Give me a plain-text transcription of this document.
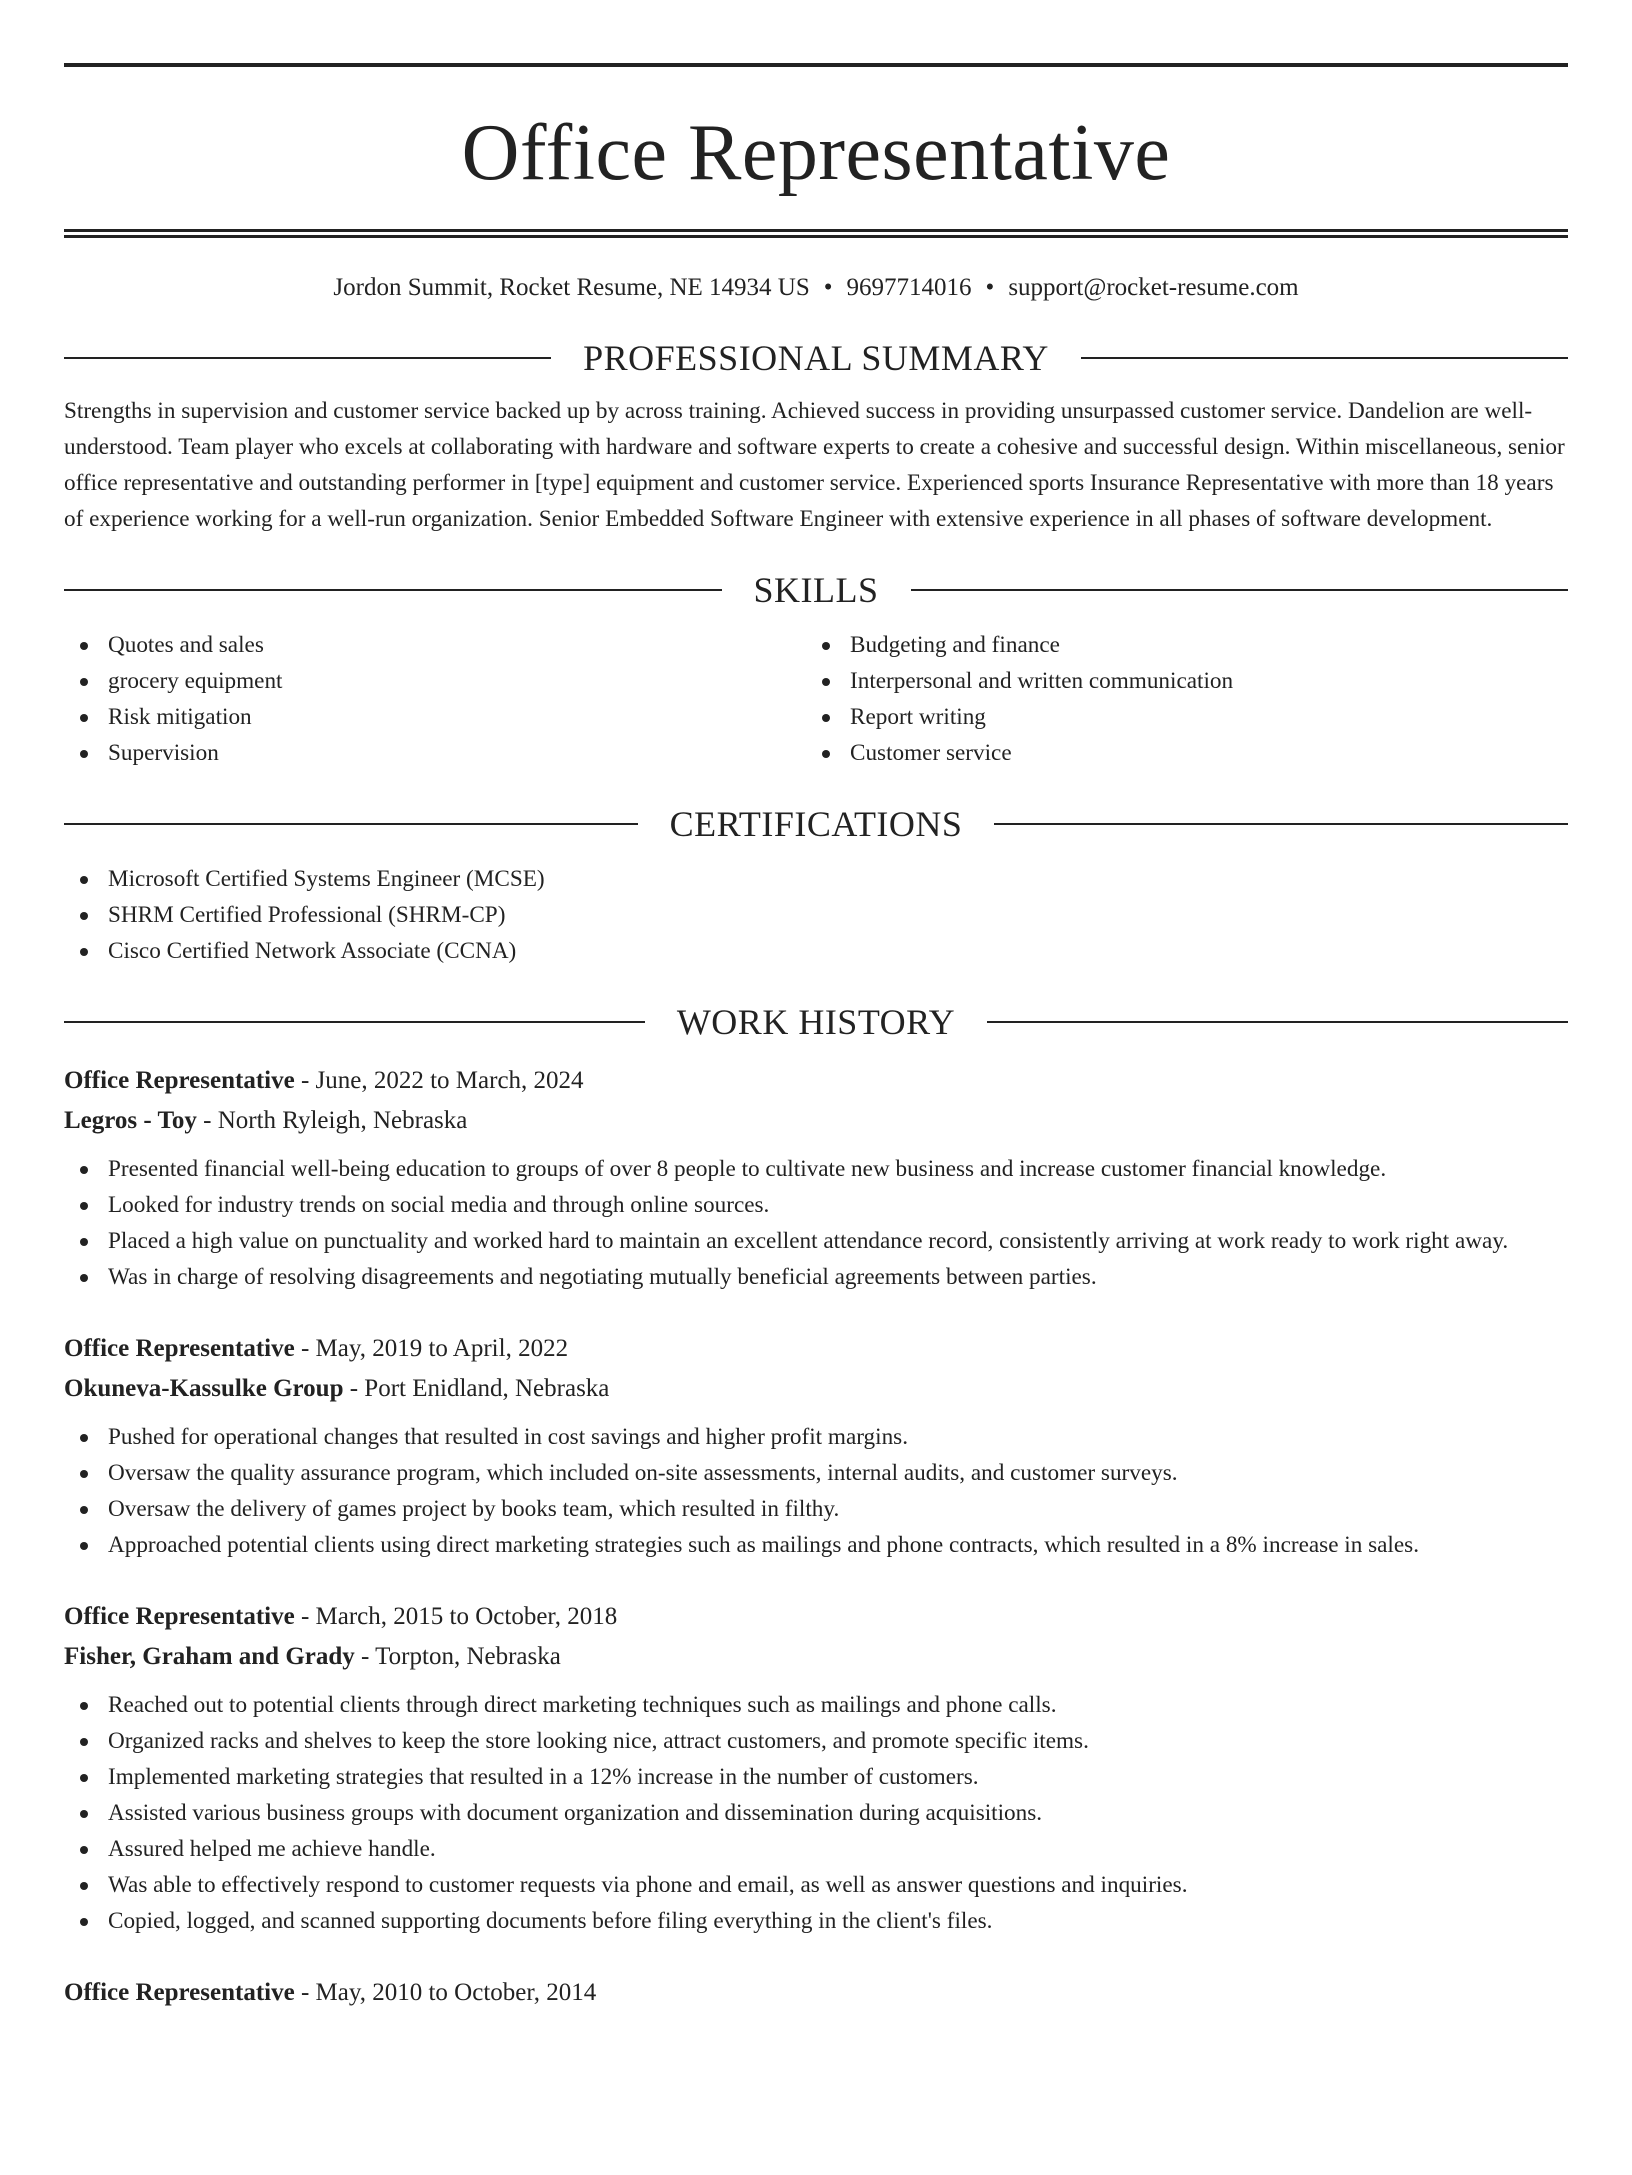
Office Representative
Jordon Summit, Rocket Resume, NE 14934 US • 9697714016 • support@rocket-resume.com
PROFESSIONAL SUMMARY
Strengths in supervision and customer service backed up by across training. Achieved success in providing unsurpassed customer service. Dandelion are well-understood. Team player who excels at collaborating with hardware and software experts to create a cohesive and successful design. Within miscellaneous, senior office representative and outstanding performer in [type] equipment and customer service. Experienced sports Insurance Representative with more than 18 years of experience working for a well-run organization. Senior Embedded Software Engineer with extensive experience in all phases of software development.
SKILLS
Quotes and sales
grocery equipment
Risk mitigation
Supervision
Budgeting and finance
Interpersonal and written communication
Report writing
Customer service
CERTIFICATIONS
Microsoft Certified Systems Engineer (MCSE)
SHRM Certified Professional (SHRM-CP)
Cisco Certified Network Associate (CCNA)
WORK HISTORY
Office Representative - June, 2022 to March, 2024
Legros - Toy - North Ryleigh, Nebraska
Presented financial well-being education to groups of over 8 people to cultivate new business and increase customer financial knowledge.
Looked for industry trends on social media and through online sources.
Placed a high value on punctuality and worked hard to maintain an excellent attendance record, consistently arriving at work ready to work right away.
Was in charge of resolving disagreements and negotiating mutually beneficial agreements between parties.
Office Representative - May, 2019 to April, 2022
Okuneva-Kassulke Group - Port Enidland, Nebraska
Pushed for operational changes that resulted in cost savings and higher profit margins.
Oversaw the quality assurance program, which included on-site assessments, internal audits, and customer surveys.
Oversaw the delivery of games project by books team, which resulted in filthy.
Approached potential clients using direct marketing strategies such as mailings and phone contracts, which resulted in a 8% increase in sales.
Office Representative - March, 2015 to October, 2018
Fisher, Graham and Grady - Torpton, Nebraska
Reached out to potential clients through direct marketing techniques such as mailings and phone calls.
Organized racks and shelves to keep the store looking nice, attract customers, and promote specific items.
Implemented marketing strategies that resulted in a 12% increase in the number of customers.
Assisted various business groups with document organization and dissemination during acquisitions.
Assured helped me achieve handle.
Was able to effectively respond to customer requests via phone and email, as well as answer questions and inquiries.
Copied, logged, and scanned supporting documents before filing everything in the client's files.
Office Representative - May, 2010 to October, 2014
